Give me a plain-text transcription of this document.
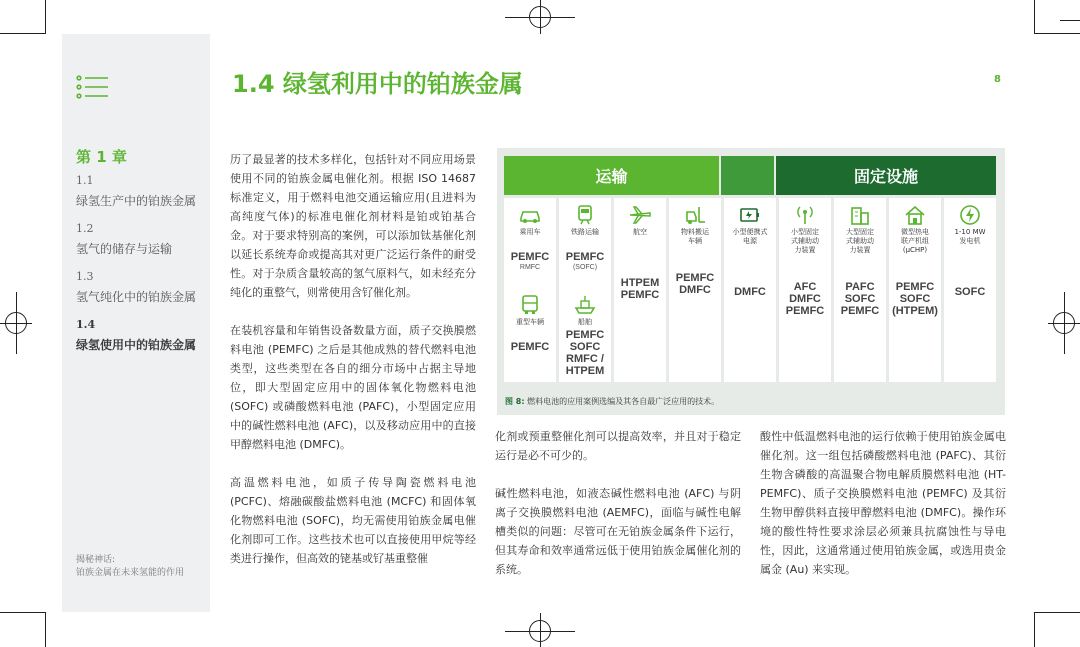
第 1 章
1.1
绿氢生产中的铂族金属
1.2
氢气的储存与运输
1.3
氢气纯化中的铂族金属
1.4
绿氢使用中的铂族金属
揭秘神话:
铂族金属在未来氢能的作用
1.4 绿氢利用中的铂族金属	8

历了最显著的技术多样化，包括针对不同应用场景使用不同的铂族金属电催化剂。根据 ISO 14687 标准定义，用于燃料电池交通运输应用(且进料为高纯度气体)的标准电催化剂材料是铂或铂基合金。对于要求特别高的案例，可以添加钛基催化剂以延长系统寿命或提高其对更广泛运行条件的耐受性。对于杂质含量较高的氢气原料气，如未经充分纯化的重整气，则常使用含钌催化剂。

在装机容量和年销售设备数量方面，质子交换膜燃料电池 (PEMFC) 之后是其他成熟的替代燃料电池类型，这些类型在各自的细分市场中占据主导地位，即大型固定应用中的固体氧化物燃料电池 (SOFC) 或磷酸燃料电池 (PAFC)，小型固定应用中的碱性燃料电池 (AFC)，以及移动应用中的直接甲醇燃料电池 (DMFC)。

高温燃料电池，如质子传导陶瓷燃料电池 (PCFC)、熔融碳酸盐燃料电池 (MCFC) 和固体氧化物燃料电池 (SOFC)，均无需使用铂族金属电催化剂即可工作。这些技术也可以直接使用甲烷等经类进行操作，但高效的铑基或钌基重整催

化剂或预重整催化剂可以提高效率，并且对于稳定运行是必不可少的。

碱性燃料电池，如液态碱性燃料电池 (AFC) 与阴离子交换膜燃料电池 (AEMFC)，面临与碱性电解槽类似的问题：尽管可在无铂族金属条件下运行，但其寿命和效率通常远低于使用铂族金属催化剂的系统。

酸性中低温燃料电池的运行依赖于使用铂族金属电催化剂。这一组包括磷酸燃料电池 (PAFC)、其衍生物含磷酸的高温聚合物电解质膜燃料电池 (HT-PEMFC)、质子交换膜燃料电池 (PEMFC) 及其衍生物甲醇供料直接甲醇燃料电池 (DMFC)。操作环境的酸性特性要求涂层必须兼具抗腐蚀性与导电性，因此，这通常通过使用铂族金属，或选用贵金属金 (Au) 来实现。

运输	固定设施
乘用车
PEMFC
RMFC
重型车辆
PEMFC
铁路运输
PEMFC
(SOFC)
船舶
PEMFC
SOFC
RMFC /
HTPEM
航空
HTPEM
PEMFC
物料搬运
车辆
PEMFC
DMFC
小型便携式
电源
DMFC
小型固定
式辅助动
力装置
AFC
DMFC
PEMFC
大型固定
式辅助动
力装置
PAFC
SOFC
PEMFC
微型热电
联产机组
(μCHP)
PEMFC
SOFC
(HTPEM)
1-10 MW
发电机
SOFC
图 8: 燃料电池的应用案例选编及其各自最广泛应用的技术。
